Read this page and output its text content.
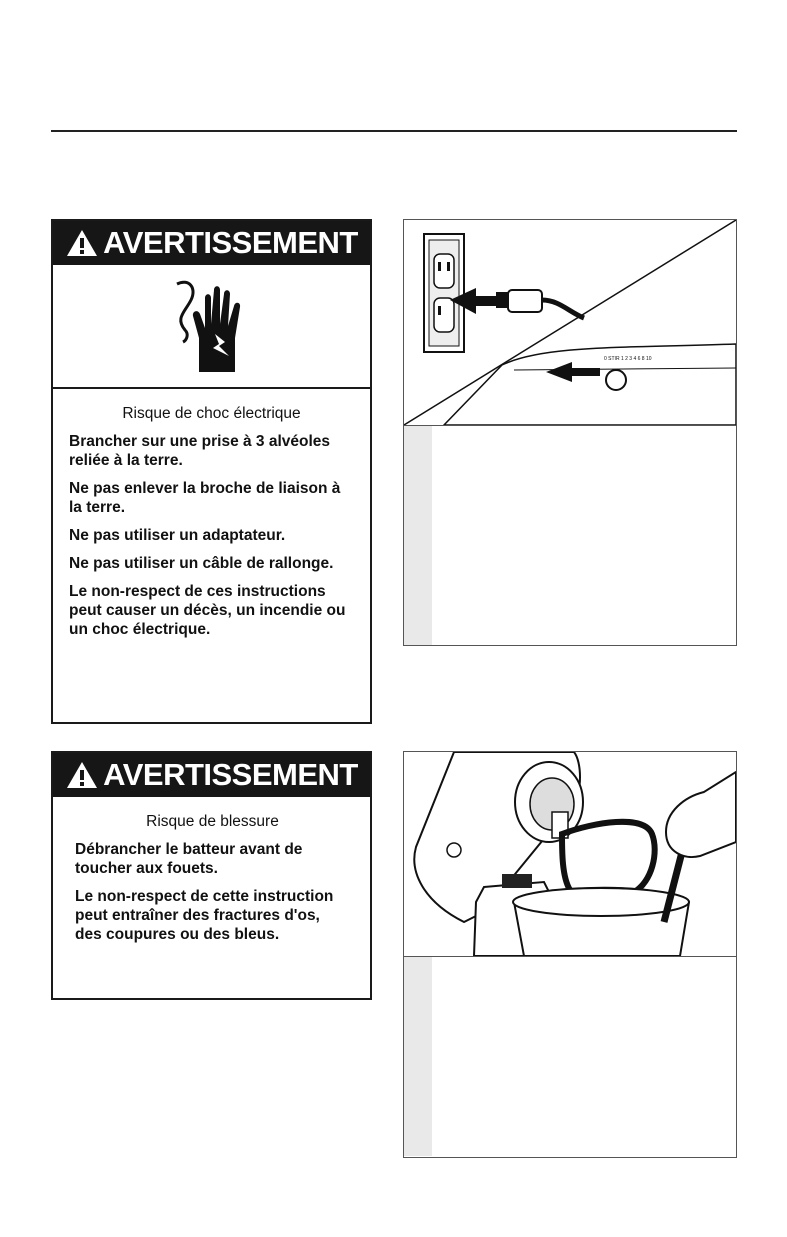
AVERTISSEMENT
Risque de choc électrique

Brancher sur une prise à 3 alvéoles reliée à la terre.

Ne pas enlever la broche de liaison à la terre.

Ne pas utiliser un adaptateur.

Ne pas utiliser un câble de rallonge.

Le non-respect de ces instructions peut causer un décès, un incendie ou un choc électrique.

0 STIR 1 2 3 4 6 8 10
AVERTISSEMENT
Risque de blessure

Débrancher le batteur avant de toucher aux fouets.

Le non-respect de cette instruction peut entraîner des fractures d'os, des coupures ou des bleus.
